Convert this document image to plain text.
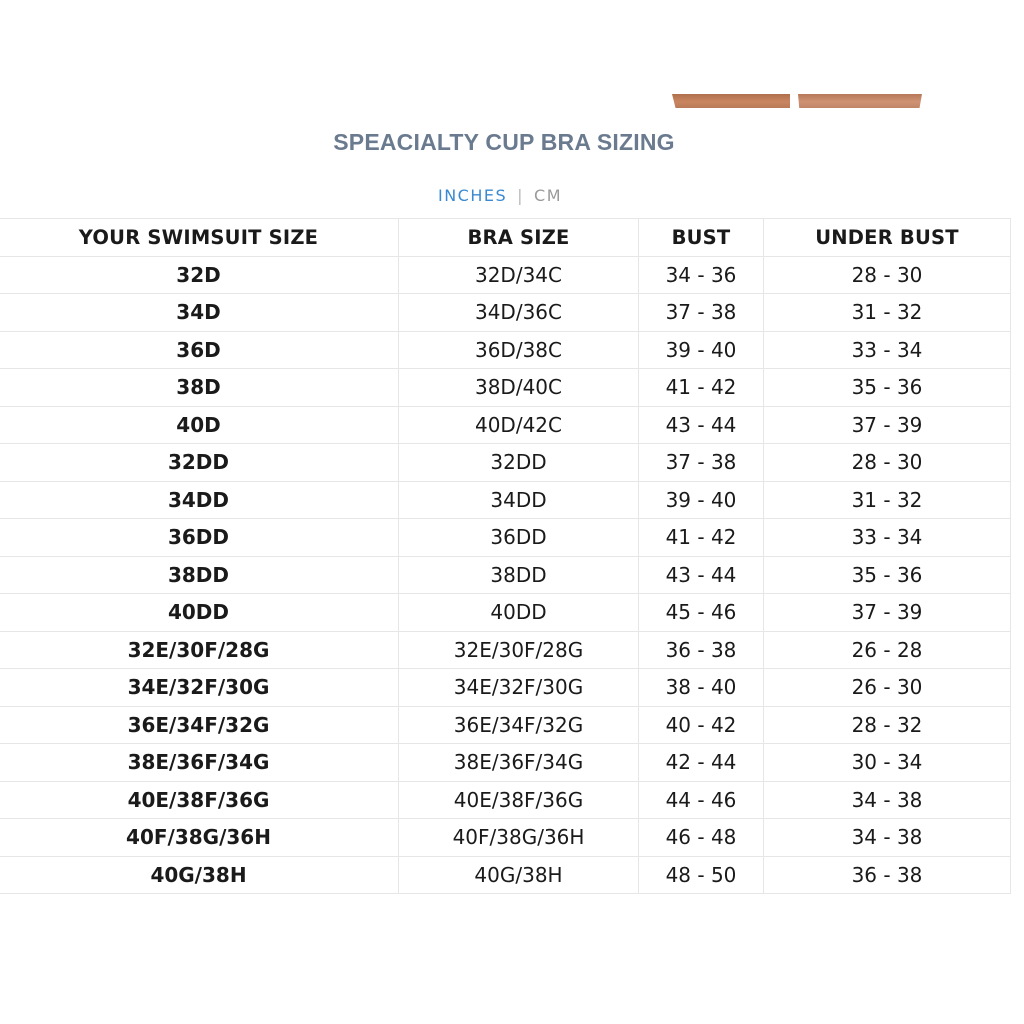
SPEACIALTY CUP BRA SIZING
INCHES | CM
YOUR SWIMSUIT SIZE	BRA SIZE	BUST	UNDER BUST
32D	32D/34C	34 - 36	28 - 30
34D	34D/36C	37 - 38	31 - 32
36D	36D/38C	39 - 40	33 - 34
38D	38D/40C	41 - 42	35 - 36
40D	40D/42C	43 - 44	37 - 39
32DD	32DD	37 - 38	28 - 30
34DD	34DD	39 - 40	31 - 32
36DD	36DD	41 - 42	33 - 34
38DD	38DD	43 - 44	35 - 36
40DD	40DD	45 - 46	37 - 39
32E/30F/28G	32E/30F/28G	36 - 38	26 - 28
34E/32F/30G	34E/32F/30G	38 - 40	26 - 30
36E/34F/32G	36E/34F/32G	40 - 42	28 - 32
38E/36F/34G	38E/36F/34G	42 - 44	30 - 34
40E/38F/36G	40E/38F/36G	44 - 46	34 - 38
40F/38G/36H	40F/38G/36H	46 - 48	34 - 38
40G/38H	40G/38H	48 - 50	36 - 38
